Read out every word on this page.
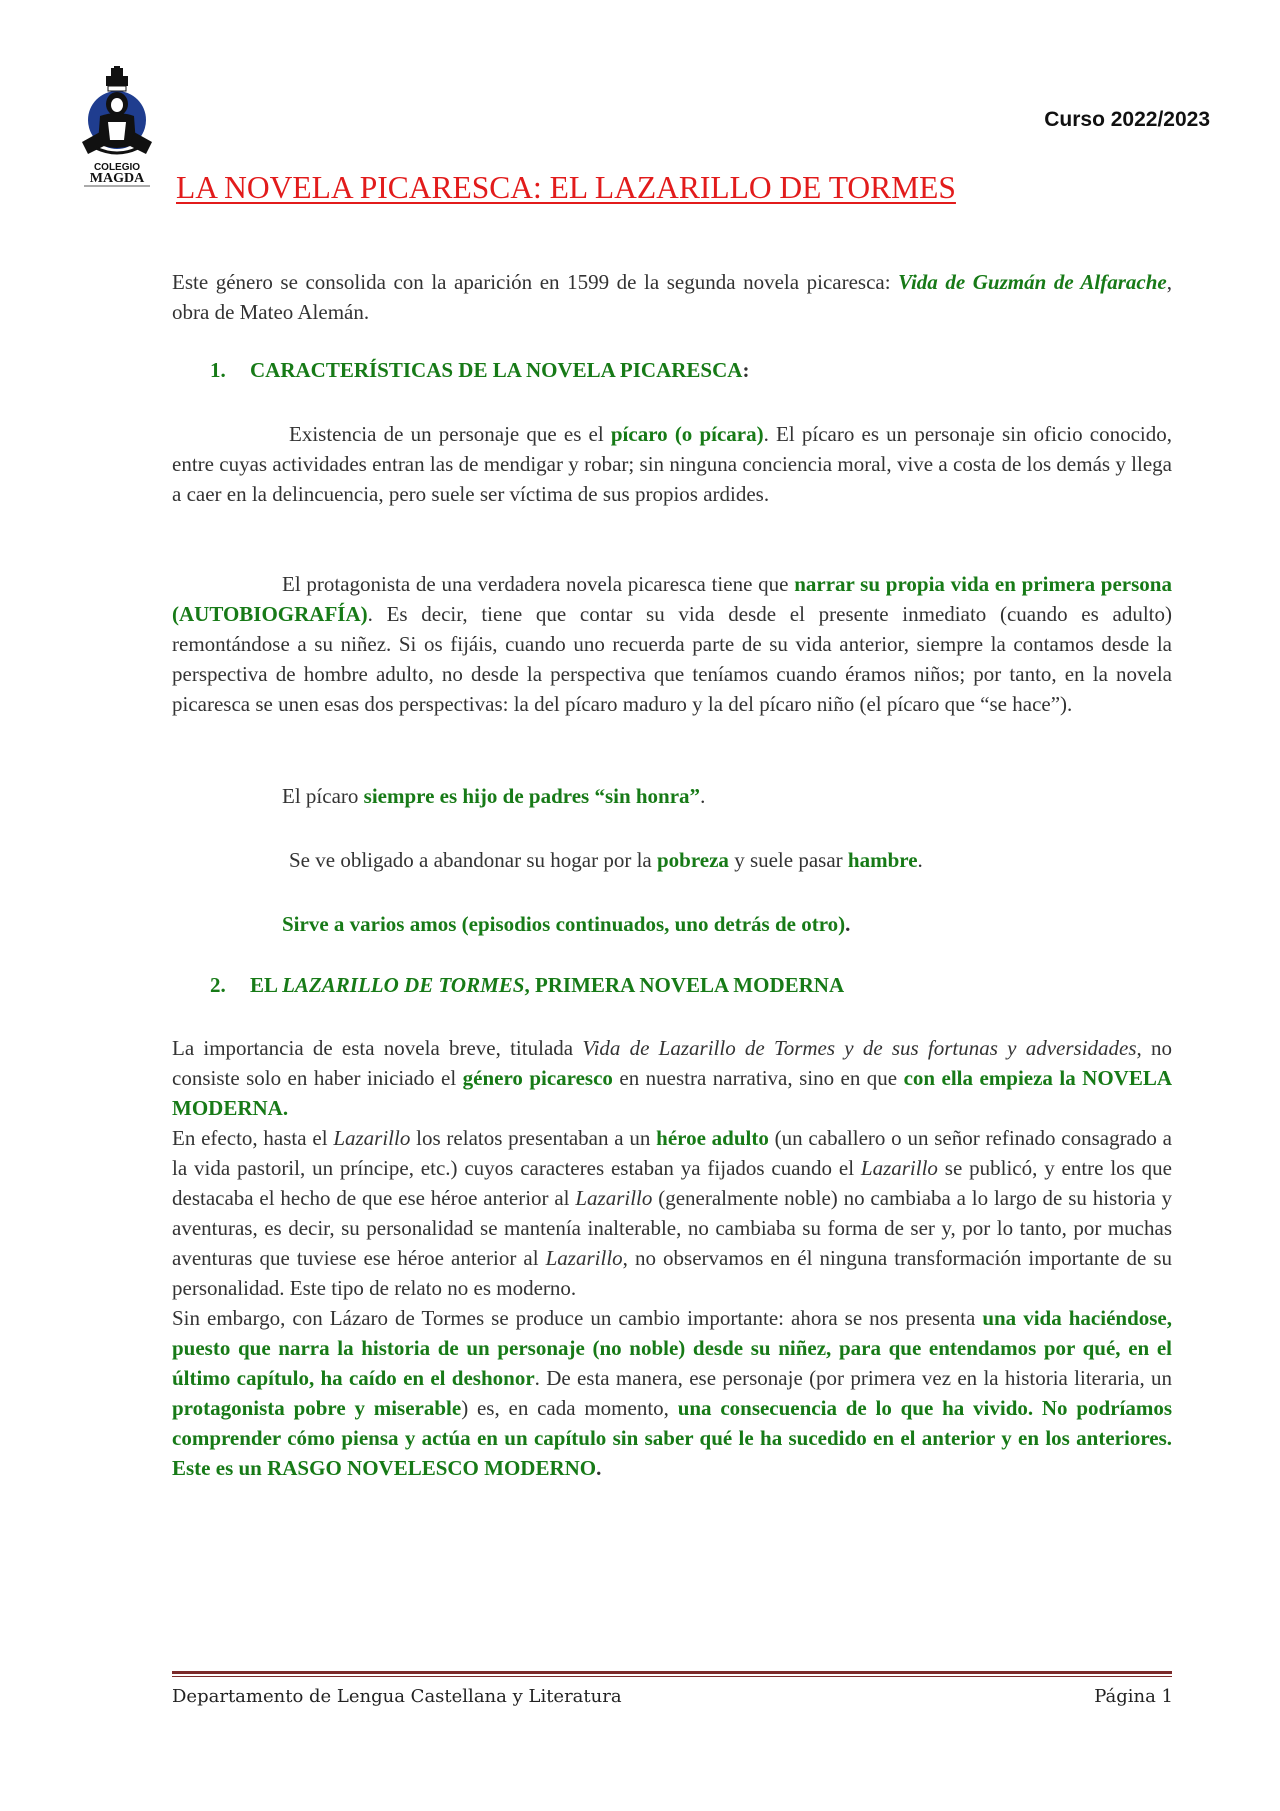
COLEGIO
MAGDA
Curso 2022/2023
LA NOVELA PICARESCA: EL LAZARILLO DE TORMES

Este género se consolida con la aparición en 1599 de la segunda novela picaresca: Vida de Guzmán de Alfarache, obra de Mateo Alemán.

1. CARACTERÍSTICAS DE LA NOVELA PICARESCA:

Existencia de un personaje que es el pícaro (o pícara). El pícaro es un personaje sin oficio conocido, entre cuyas actividades entran las de mendigar y robar; sin ninguna conciencia moral, vive a costa de los demás y llega a caer en la delincuencia, pero suele ser víctima de sus propios ardides.

El protagonista de una verdadera novela picaresca tiene que narrar su propia vida en primera persona (AUTOBIOGRAFÍA). Es decir, tiene que contar su vida desde el presente inmediato (cuando es adulto) remontándose a su niñez. Si os fijáis, cuando uno recuerda parte de su vida anterior, siempre la contamos desde la perspectiva de hombre adulto, no desde la perspectiva que teníamos cuando éramos niños; por tanto, en la novela picaresca se unen esas dos perspectivas: la del pícaro maduro y la del pícaro niño (el pícaro que “se hace”).

El pícaro siempre es hijo de padres “sin honra”.

Se ve obligado a abandonar su hogar por la pobreza y suele pasar hambre.

Sirve a varios amos (episodios continuados, uno detrás de otro).

2. EL LAZARILLO DE TORMES, PRIMERA NOVELA MODERNA

La importancia de esta novela breve, titulada Vida de Lazarillo de Tormes y de sus fortunas y adversidades, no consiste solo en haber iniciado el género picaresco en nuestra narrativa, sino en que con ella empieza la NOVELA MODERNA.

En efecto, hasta el Lazarillo los relatos presentaban a un héroe adulto (un caballero o un señor refinado consagrado a la vida pastoril, un príncipe, etc.) cuyos caracteres estaban ya fijados cuando el Lazarillo se publicó, y entre los que destacaba el hecho de que ese héroe anterior al Lazarillo (generalmente noble) no cambiaba a lo largo de su historia y aventuras, es decir, su personalidad se mantenía inalterable, no cambiaba su forma de ser y, por lo tanto, por muchas aventuras que tuviese ese héroe anterior al Lazarillo, no observamos en él ninguna transformación importante de su personalidad. Este tipo de relato no es moderno.

Sin embargo, con Lázaro de Tormes se produce un cambio importante: ahora se nos presenta una vida haciéndose, puesto que narra la historia de un personaje (no noble) desde su niñez, para que entendamos por qué, en el último capítulo, ha caído en el deshonor. De esta manera, ese personaje (por primera vez en la historia literaria, un protagonista pobre y miserable) es, en cada momento, una consecuencia de lo que ha vivido. No podríamos comprender cómo piensa y actúa en un capítulo sin saber qué le ha sucedido en el anterior y en los anteriores. Este es un RASGO NOVELESCO MODERNO.

Departamento de Lengua Castellana y Literatura	Página 1
